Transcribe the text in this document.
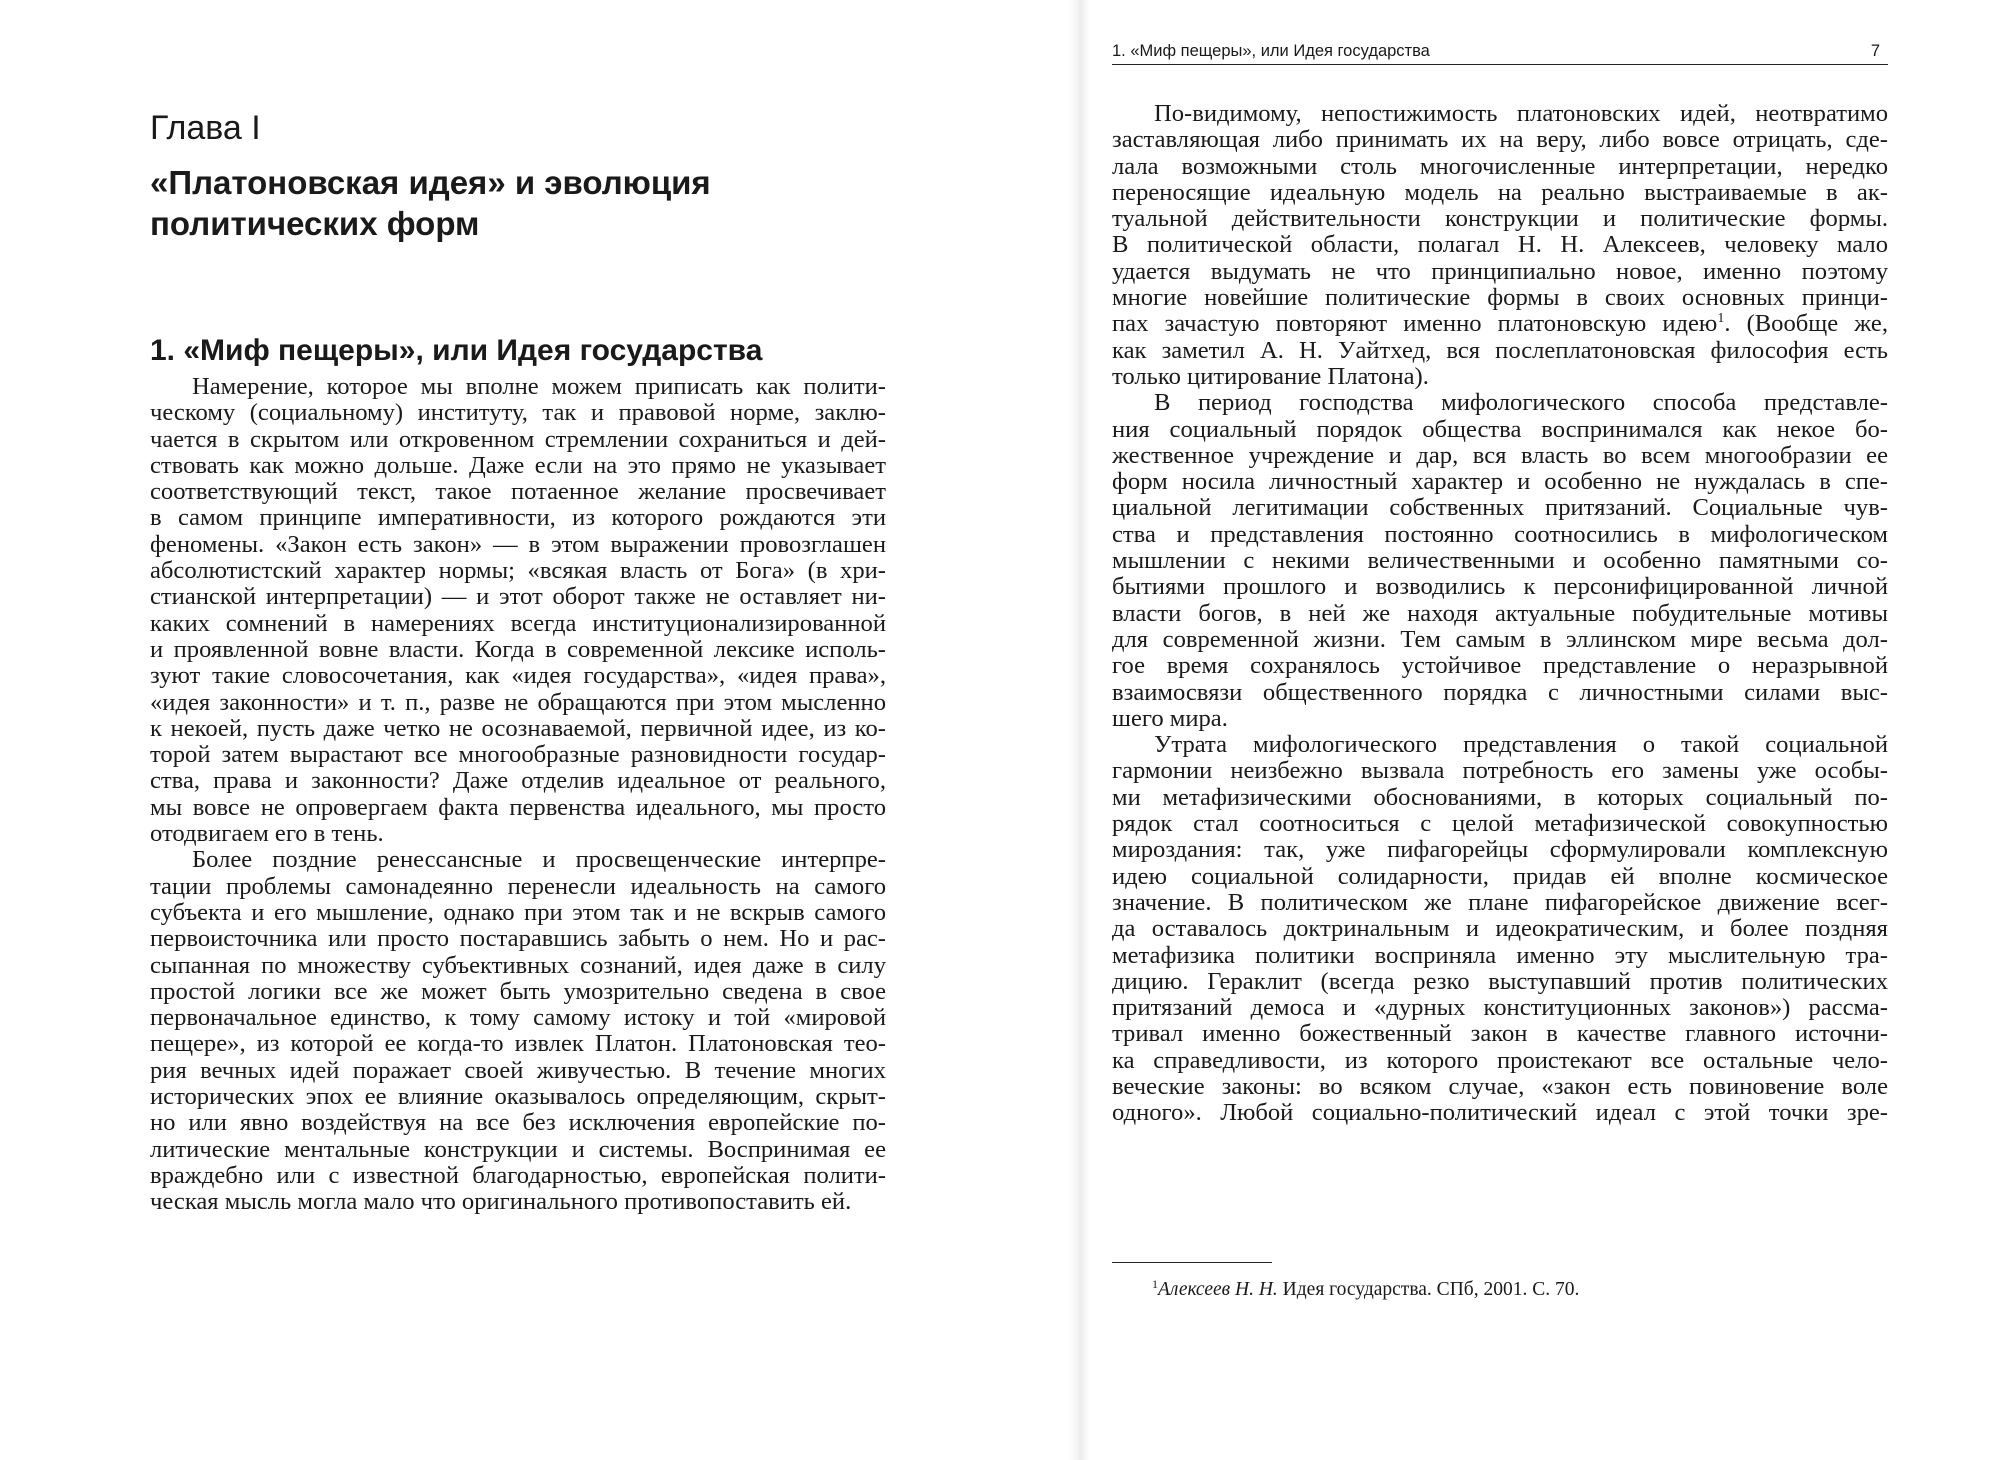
Глава I
«Платоновская идея» и эволюция
политических форм
1. «Миф пещеры», или Идея государства

Намерение, которое мы вполне можем приписать как полити-
ческому (социальному) институту, так и правовой норме, заклю-
чается в скрытом или откровенном стремлении сохраниться и дей-
ствовать как можно дольше. Даже если на это прямо не указывает
соответствующий текст, такое потаенное желание просвечивает
в самом принципе императивности, из которого рождаются эти
феномены. «Закон есть закон» — в этом выражении провозглашен
абсолютистский характер нормы; «всякая власть от Бога» (в хри-
стианской интерпретации) — и этот оборот также не оставляет ни-
каких сомнений в намерениях всегда институционализированной
и проявленной вовне власти. Когда в современной лексике исполь-
зуют такие словосочетания, как «идея государства», «идея права»,
«идея законности» и т. п., разве не обращаются при этом мысленно
к некоей, пусть даже четко не осознаваемой, первичной идее, из ко-
торой затем вырастают все многообразные разновидности государ-
ства, права и законности? Даже отделив идеальное от реального,
мы вовсе не опровергаем факта первенства идеального, мы просто
отодвигаем его в тень.

Более поздние ренессансные и просвещенческие интерпре-
тации проблемы самонадеянно перенесли идеальность на самого
субъекта и его мышление, однако при этом так и не вскрыв самого
первоисточника или просто постаравшись забыть о нем. Но и рас-
сыпанная по множеству субъективных сознаний, идея даже в силу
простой логики все же может быть умозрительно сведена в свое
первоначальное единство, к тому самому истоку и той «мировой
пещере», из которой ее когда-то извлек Платон. Платоновская тео-
рия вечных идей поражает своей живучестью. В течение многих
исторических эпох ее влияние оказывалось определяющим, скрыт-
но или явно воздействуя на все без исключения европейские по-
литические ментальные конструкции и системы. Воспринимая ее
враждебно или с известной благодарностью, европейская полити-
ческая мысль могла мало что оригинального противопоставить ей.

1. «Миф пещеры», или Идея государства	7

По-видимому, непостижимость платоновских идей, неотвратимо
заставляющая либо принимать их на веру, либо вовсе отрицать, сде-
лала возможными столь многочисленные интерпретации, нередко
переносящие идеальную модель на реально выстраиваемые в ак-
туальной действительности конструкции и политические формы.
В политической области, полагал Н. Н. Алексеев, человеку мало
удается выдумать не что принципиально новое, именно поэтому
многие новейшие политические формы в своих основных принци-
пах зачастую повторяют именно платоновскую идею$^1$. (Вообще же,
как заметил А. Н. Уайтхед, вся послеплатоновская философия есть
только цитирование Платона).

В период господства мифологического способа представле-
ния социальный порядок общества воспринимался как некое бо-
жественное учреждение и дар, вся власть во всем многообразии ее
форм носила личностный характер и особенно не нуждалась в спе-
циальной легитимации собственных притязаний. Социальные чув-
ства и представления постоянно соотносились в мифологическом
мышлении с некими величественными и особенно памятными со-
бытиями прошлого и возводились к персонифицированной личной
власти богов, в ней же находя актуальные побудительные мотивы
для современной жизни. Тем самым в эллинском мире весьма дол-
гое время сохранялось устойчивое представление о неразрывной
взаимосвязи общественного порядка с личностными силами выс-
шего мира.

Утрата мифологического представления о такой социальной
гармонии неизбежно вызвала потребность его замены уже особы-
ми метафизическими обоснованиями, в которых социальный по-
рядок стал соотноситься с целой метафизической совокупностью
мироздания: так, уже пифагорейцы сформулировали комплексную
идею социальной солидарности, придав ей вполне космическое
значение. В политическом же плане пифагорейское движение всег-
да оставалось доктринальным и идеократическим, и более поздняя
метафизика политики восприняла именно эту мыслительную тра-
дицию. Гераклит (всегда резко выступавший против политических
притязаний демоса и «дурных конституционных законов») рассма-
тривал именно божественный закон в качестве главного источни-
ка справедливости, из которого проистекают все остальные чело-
веческие законы: во всяком случае, «закон есть повиновение воле
одного». Любой социально-политический идеал с этой точки зре-

$^1$Алексеев Н. Н. Идея государства. СПб, 2001. С. 70.
